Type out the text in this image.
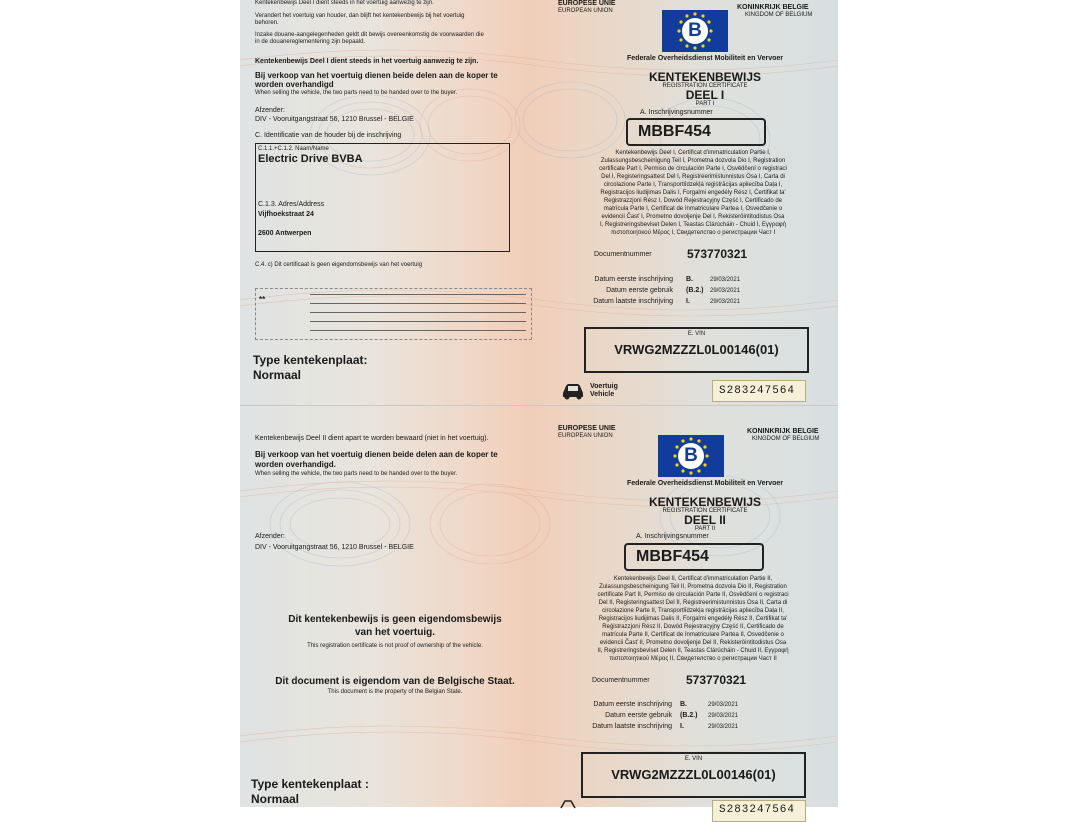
Kentekenbewijs Deel I dient steeds in het voertuig aanwezig te zijn.
Verandert het voertuig van houder, dan blijft het kentekenbewijs bij het voertuig
behoren.
Inzake douane-aangelegenheden geldt dit bewijs overeenkomstig de voorwaarden die
in de douanereglementering zijn bepaald.
Kentekenbewijs Deel I dient steeds in het voertuig aanwezig te zijn.
Bij verkoop van het voertuig dienen beide delen aan de koper te
worden overhandigd
When selling the vehicle, the two parts need to be handed over to the buyer.
Afzender:
DIV - Vooruitgangstraat 56, 1210 Brussel - BELGIE
C. Identificatie van de houder bij de inschrijving
C.1.1.+C.1.2. Naam/Name
Electric Drive BVBA
C.1.3. Adres/Address
Vijfhoekstraat 24
2600 Antwerpen
C.4. c) Dit certificaat is geen eigendomsbewijs van het voertuig
**
Type kentekenplaat:
Normaal
EUROPESE UNIE
EUROPEAN UNION	KONINKRIJK BELGIE
KINGDOM OF BELGIUM
B
Federale Overheidsdienst Mobiliteit en Vervoer
KENTEKENBEWIJS
REGISTRATION CERTIFICATE
DEEL I
PART I
A. Inschrijvingsnummer
MBBF454
Kentekenbewijs Deel I, Certificat d'immatriculation Partie I,
Zulassungsbescheinigung Teil I, Prometna dozvola Dio I, Registration
certificate Part I, Permiso de circulación Parte I, Osvědčení o registraci
Del I, Registeringsattest Del I, Registreerimistunnistus Osa I, Carta di
circolazione Parte I, Transportlīdzekļa registrācijas apliecība Daļa I,
Registracijos liudijimas Dalis I, Forgalmi engedély Rész I, Ċertifikat ta'
Reġistrazzjoni Rész I, Dowód Rejestracyjny Część I, Certificado de
matrícula Parte I, Certificat de înmatriculare Partea I, Osvedčenie o
evidencii Časť I, Prometno dovoljenje Del I, Rekisteröintitodistus Osa
I, Registreringsbeviset Delen I, Teastas Clárúcháin - Chuid I, Εγγραφή
πιστοποιητικού Μέρος I, Свидетелство о регистрации Част I
Documentnummer	573770321
Datum eerste inschrijving B.	29/03/2021
Datum eerste gebruik (B.2.) 29/03/2021
Datum laatste inschrijving I.	29/03/2021
E. VIN
VRWG2MZZZL0L00146(01)
Voertuig
Vehicle	S283247564
Kentekenbewijs Deel II dient apart te worden bewaard (niet in het voertuig).
Bij verkoop van het voertuig dienen beide delen aan de koper te
worden overhandigd.
When selling the vehicle, the two parts need to be handed over to the buyer.
Afzender:
DIV - Vooruitgangstraat 56, 1210 Brussel - BELGIE
Dit kentekenbewijs is geen eigendomsbewijs
van het voertuig.
This registration certificate is not proof of ownership of the vehicle.
Dit document is eigendom van de Belgische Staat.
This document is the property of the Belgian State.
Type kentekenplaat :
Normaal
EUROPESE UNIE
EUROPEAN UNION
KONINKRIJK BELGIE
KINGDOM OF BELGIUM
B
Federale Overheidsdienst Mobiliteit en Vervoer
KENTEKENBEWIJS
REGISTRATION CERTIFICATE
DEEL II
PART II
A. Inschrijvingsnummer
MBBF454
Kentekenbewijs Deel II, Certificat d'immatriculation Partie II,
Zulassungsbescheinigung Teil II, Prometna dozvola Dio II, Registration
certificate Part II, Permiso de circulación Parte II, Osvědčení o registraci
Del II, Registeringsattest Del II, Registreerimistunnistus Osa II, Carta di
circolazione Parte II, Transportlīdzekļa registrācijas apliecība Daļa II,
Registracijos liudijimas Dalis II, Forgalmi engedély Rész II, Ċertifikat ta'
Reġistrazzjoni Rész II, Dowód Rejestracyjny Część II, Certificado de
matrícula Parte II, Certificat de înmatriculare Partea II, Osvedčenie o
evidencii Časť II, Prometno dovoljenje Del II, Rekisteröintitodistus Osa
II, Registreringsbeviset Delen II, Teastas Clárúcháin - Chuid II, Εγγραφή
πιστοποιητικού Μέρος II, Свидетелство о регистрации Част II
Documentnummer	573770321
Datum eerste inschrijving B.	29/03/2021
Datum eerste gebruik (B.2.) 29/03/2021
Datum laatste inschrijving I.	29/03/2021
E. VIN
VRWG2MZZZL0L00146(01)
S283247564
